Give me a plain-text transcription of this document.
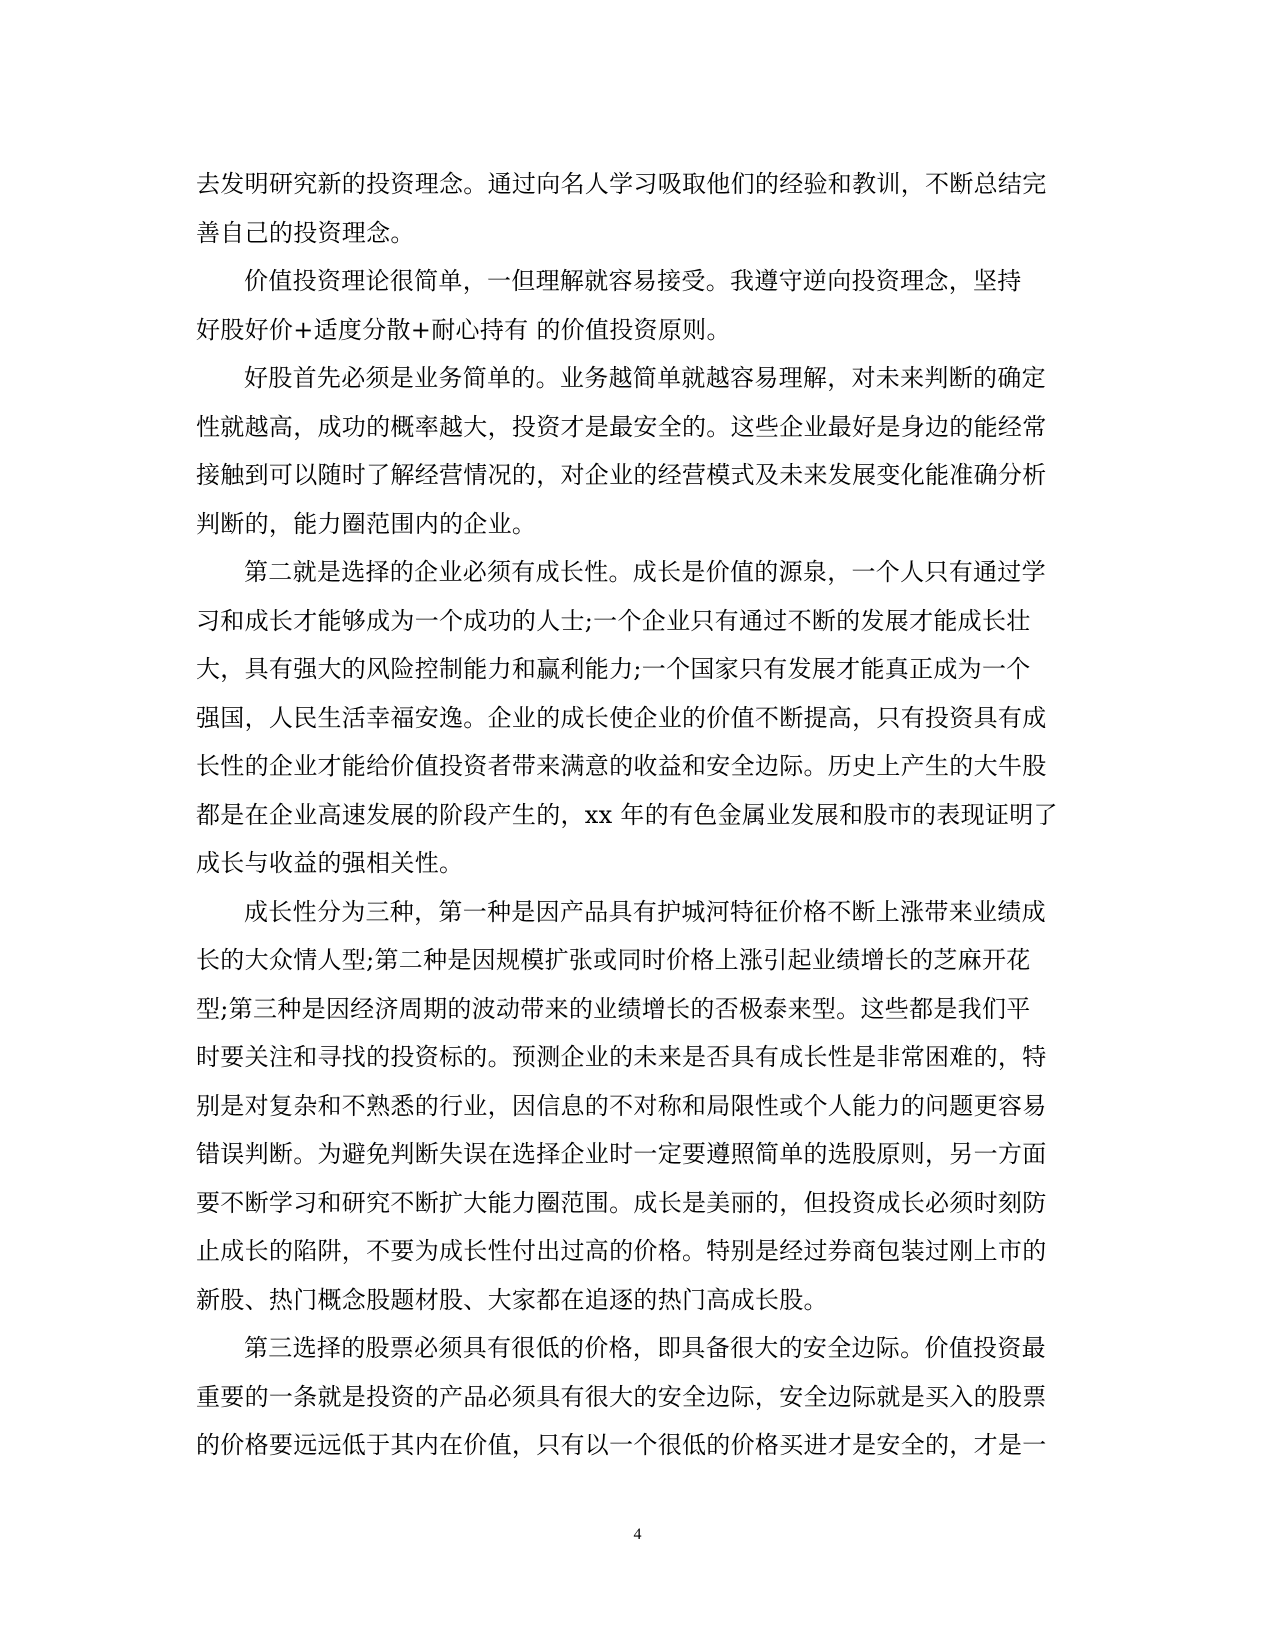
去发明研究新的投资理念。通过向名人学习吸取他们的经验和教训，不断总结完
善自己的投资理念。
价值投资理论很简单，一但理解就容易接受。我遵守逆向投资理念，坚持
好股好价+适度分散+耐心持有 的价值投资原则。
好股首先必须是业务简单的。业务越简单就越容易理解，对未来判断的确定
性就越高，成功的概率越大，投资才是最安全的。这些企业最好是身边的能经常
接触到可以随时了解经营情况的，对企业的经营模式及未来发展变化能准确分析
判断的，能力圈范围内的企业。
第二就是选择的企业必须有成长性。成长是价值的源泉，一个人只有通过学
习和成长才能够成为一个成功的人士;一个企业只有通过不断的发展才能成长壮
大，具有强大的风险控制能力和赢利能力;一个国家只有发展才能真正成为一个
强国，人民生活幸福安逸。企业的成长使企业的价值不断提高，只有投资具有成
长性的企业才能给价值投资者带来满意的收益和安全边际。历史上产生的大牛股
都是在企业高速发展的阶段产生的，xx 年的有色金属业发展和股市的表现证明了
成长与收益的强相关性。
成长性分为三种，第一种是因产品具有护城河特征价格不断上涨带来业绩成
长的大众情人型;第二种是因规模扩张或同时价格上涨引起业绩增长的芝麻开花
型;第三种是因经济周期的波动带来的业绩增长的否极泰来型。这些都是我们平
时要关注和寻找的投资标的。预测企业的未来是否具有成长性是非常困难的，特
别是对复杂和不熟悉的行业，因信息的不对称和局限性或个人能力的问题更容易
错误判断。为避免判断失误在选择企业时一定要遵照简单的选股原则，另一方面
要不断学习和研究不断扩大能力圈范围。成长是美丽的，但投资成长必须时刻防
止成长的陷阱，不要为成长性付出过高的价格。特别是经过券商包装过刚上市的
新股、热门概念股题材股、大家都在追逐的热门高成长股。
第三选择的股票必须具有很低的价格，即具备很大的安全边际。价值投资最
重要的一条就是投资的产品必须具有很大的安全边际，安全边际就是买入的股票
的价格要远远低于其内在价值，只有以一个很低的价格买进才是安全的，才是一
4
